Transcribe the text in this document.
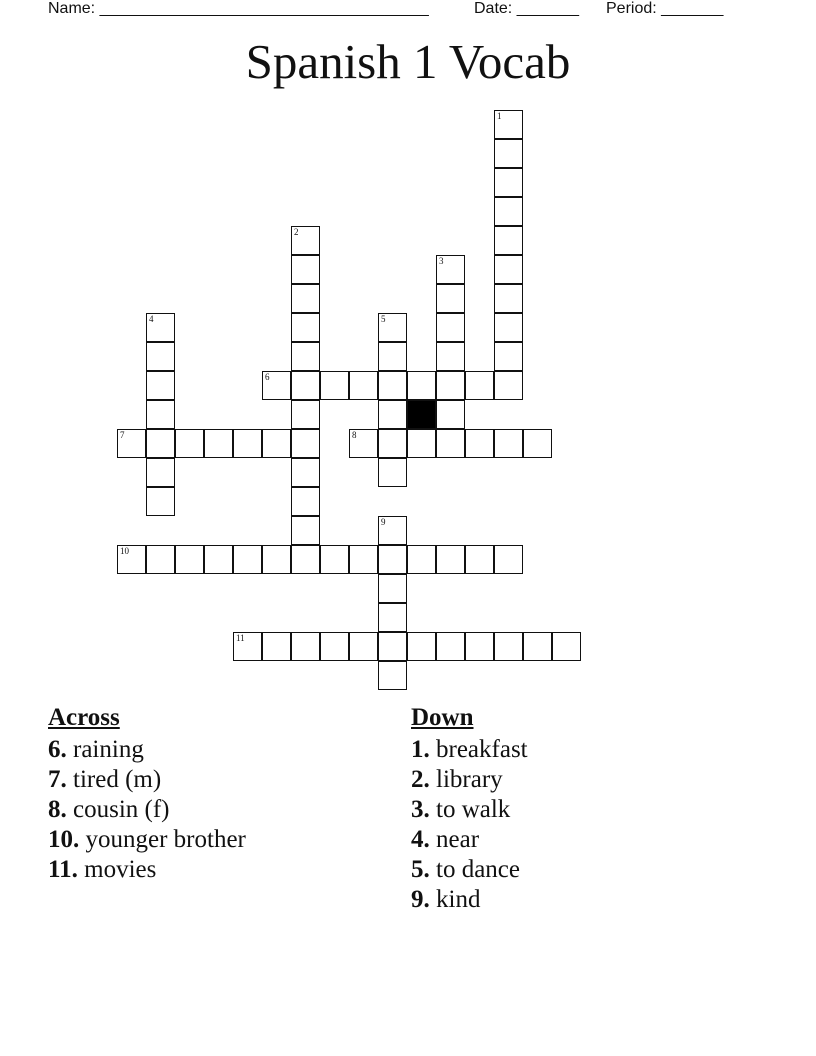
Name: _____________________________________	Date: _______ Period: _______
Spanish 1 Vocab
1
2
3
4	5
6
7	8
9
10
11
Across
6. raining
7. tired (m)
8. cousin (f)
10. younger brother
11. movies
Down
1. breakfast
2. library
3. to walk
4. near
5. to dance
9. kind
